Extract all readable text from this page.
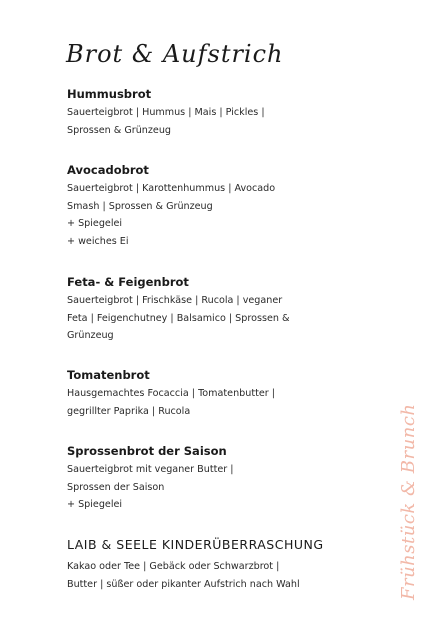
Brot & Aufstrich
Hummusbrot
Sauerteigbrot | Hummus | Mais | Pickles |
Sprossen & Grünzeug
Avocadobrot
Sauerteigbrot | Karottenhummus | Avocado
Smash | Sprossen & Grünzeug
+ Spiegelei
+ weiches Ei
Feta- & Feigenbrot
Sauerteigbrot | Frischkäse | Rucola | veganer
Feta | Feigenchutney | Balsamico | Sprossen &
Grünzeug
Tomatenbrot
Hausgemachtes Focaccia | Tomatenbutter |
gegrillter Paprika | Rucola
Sprossenbrot der Saison
Sauerteigbrot mit veganer Butter |
Sprossen der Saison
+ Spiegelei
LAIB & SEELE KINDERÜBERRASCHUNG
Kakao oder Tee | Gebäck oder Schwarzbrot |
Butter | süßer oder pikanter Aufstrich nach Wahl	Frühstück & Brunch
